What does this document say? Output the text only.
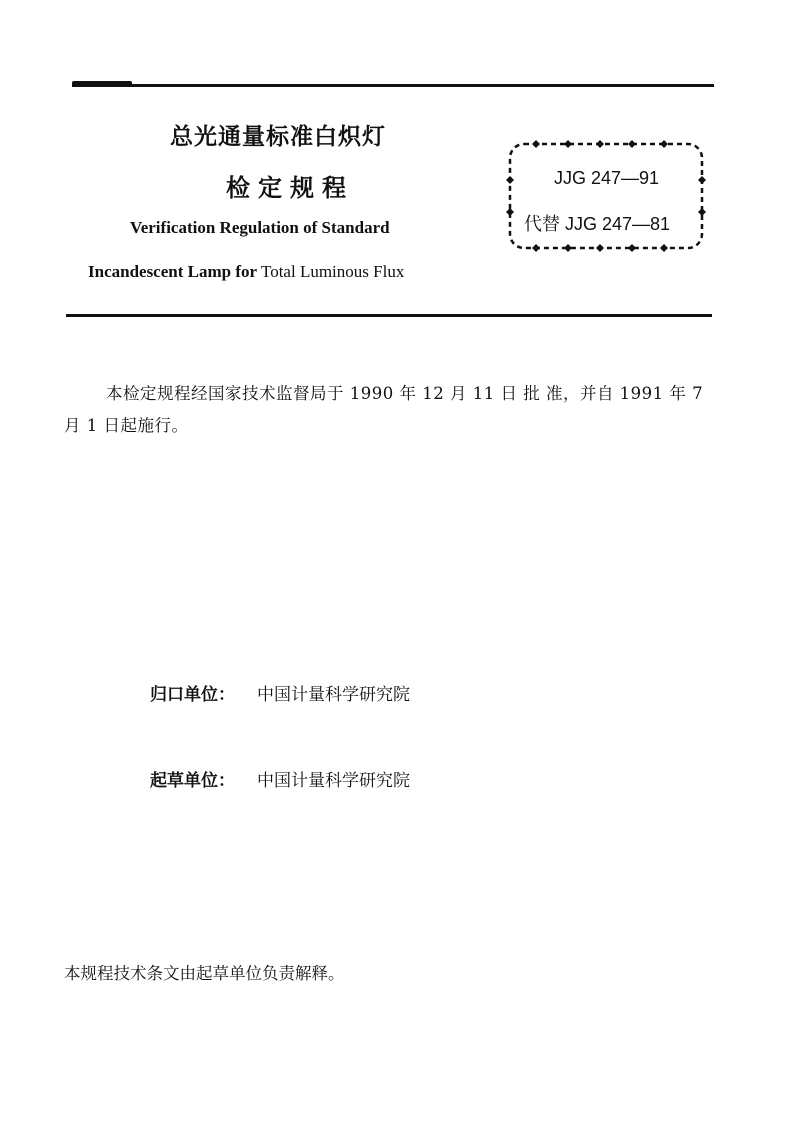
总光通量标准白炽灯
检定规程
Verification Regulation of Standard
Incandescent Lamp for Total Luminous Flux
JJG 247—91
代替 JJG 247—81
本检定规程经国家技术监督局于 1990 年 12 月 11 日 批 准，并自 1991 年 7 月 1 日起施行。
归口单位： 中国计量科学研究院
起草单位： 中国计量科学研究院
本规程技术条文由起草单位负责解释。
